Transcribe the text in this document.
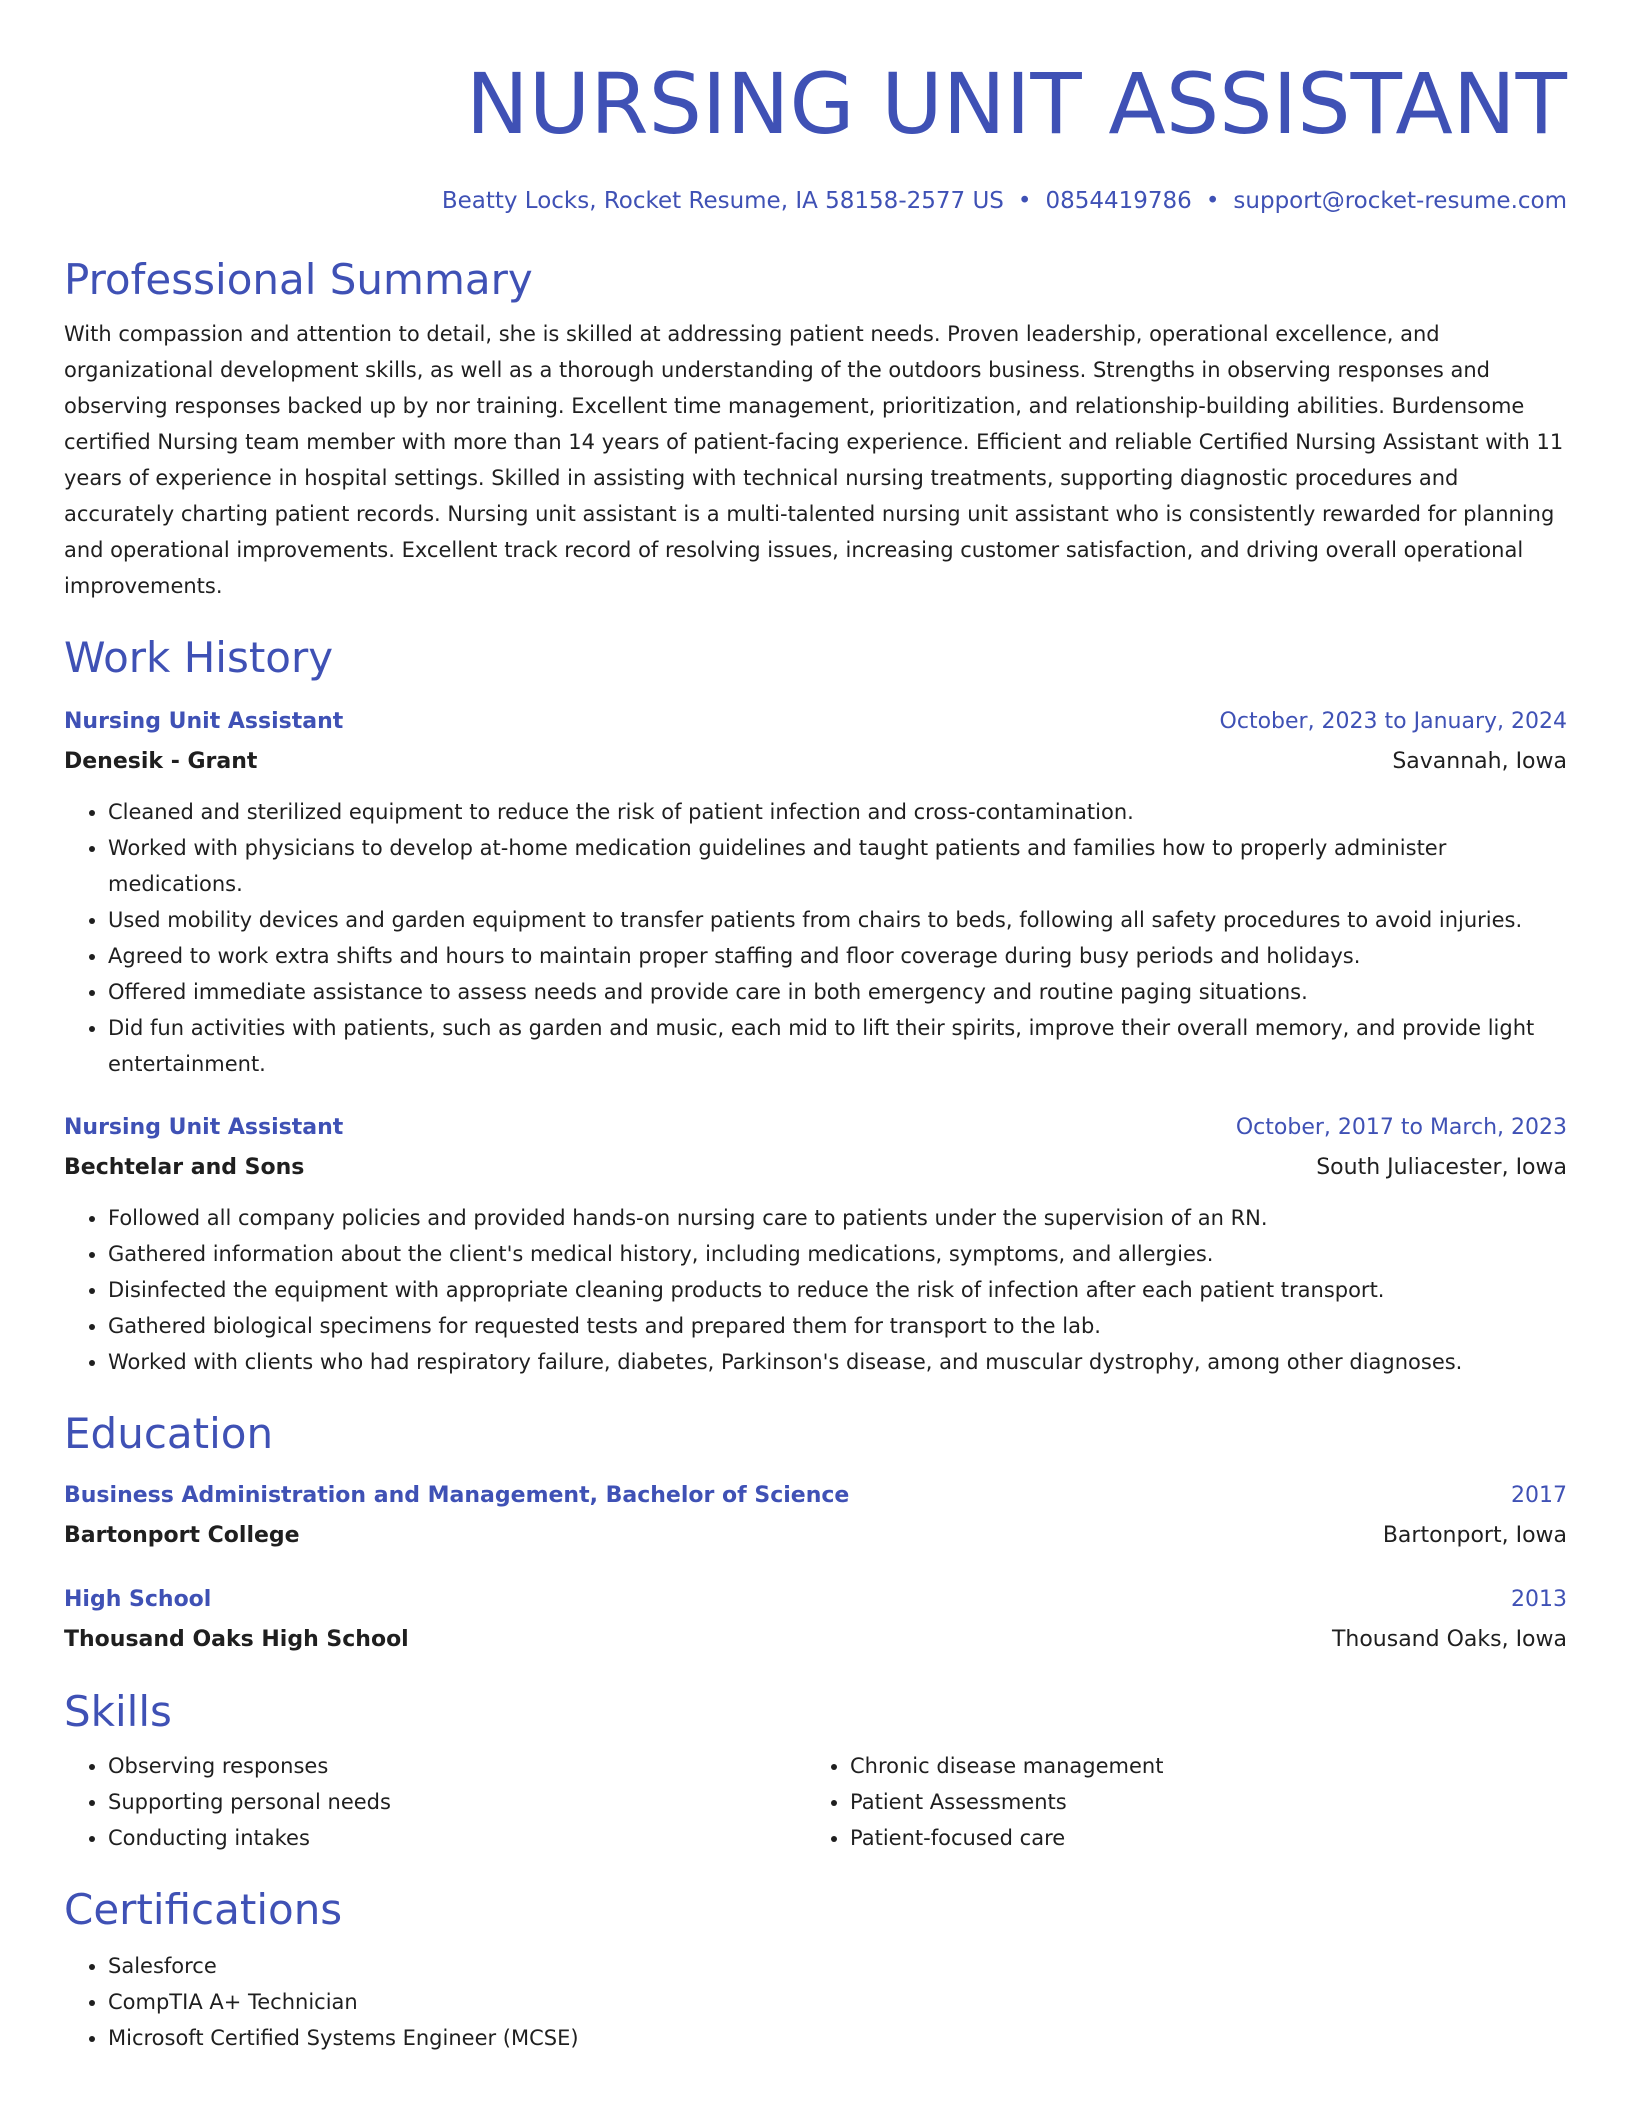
NURSING UNIT ASSISTANT
Beatty Locks, Rocket Resume, IA 58158-2577 US • 0854419786 • support@rocket-resume.com
Professional Summary

With compassion and attention to detail, she is skilled at addressing patient needs. Proven leadership, operational excellence, and organizational development skills, as well as a thorough understanding of the outdoors business. Strengths in observing responses and observing responses backed up by nor training. Excellent time management, prioritization, and relationship-building abilities. Burdensome certified Nursing team member with more than 14 years of patient-facing experience. Efficient and reliable Certified Nursing Assistant with 11 years of experience in hospital settings. Skilled in assisting with technical nursing treatments, supporting diagnostic procedures and accurately charting patient records. Nursing unit assistant is a multi-talented nursing unit assistant who is consistently rewarded for planning and operational improvements. Excellent track record of resolving issues, increasing customer satisfaction, and driving overall operational improvements.

Work History
Nursing Unit Assistant	October, 2023 to January, 2024
Denesik - Grant	Savannah, Iowa
• Cleaned and sterilized equipment to reduce the risk of patient infection and cross-contamination.
• Worked with physicians to develop at-home medication guidelines and taught patients and families how to properly administer medications.
• Used mobility devices and garden equipment to transfer patients from chairs to beds, following all safety procedures to avoid injuries.
• Agreed to work extra shifts and hours to maintain proper staffing and floor coverage during busy periods and holidays.
• Offered immediate assistance to assess needs and provide care in both emergency and routine paging situations.
• Did fun activities with patients, such as garden and music, each mid to lift their spirits, improve their overall memory, and provide light entertainment.
Nursing Unit Assistant	October, 2017 to March, 2023
Bechtelar and Sons	South Juliacester, Iowa
• Followed all company policies and provided hands-on nursing care to patients under the supervision of an RN.
• Gathered information about the client's medical history, including medications, symptoms, and allergies.
• Disinfected the equipment with appropriate cleaning products to reduce the risk of infection after each patient transport.
• Gathered biological specimens for requested tests and prepared them for transport to the lab.
• Worked with clients who had respiratory failure, diabetes, Parkinson's disease, and muscular dystrophy, among other diagnoses.
Education
Business Administration and Management, Bachelor of Science	2017
Bartonport College	Bartonport, Iowa
High School	2013
Thousand Oaks High School	Thousand Oaks, Iowa
Skills
• Observing responses
• Supporting personal needs
• Conducting intakes
• Chronic disease management
• Patient Assessments
• Patient-focused care
Certifications
• Salesforce
• CompTIA A+ Technician
• Microsoft Certified Systems Engineer (MCSE)
